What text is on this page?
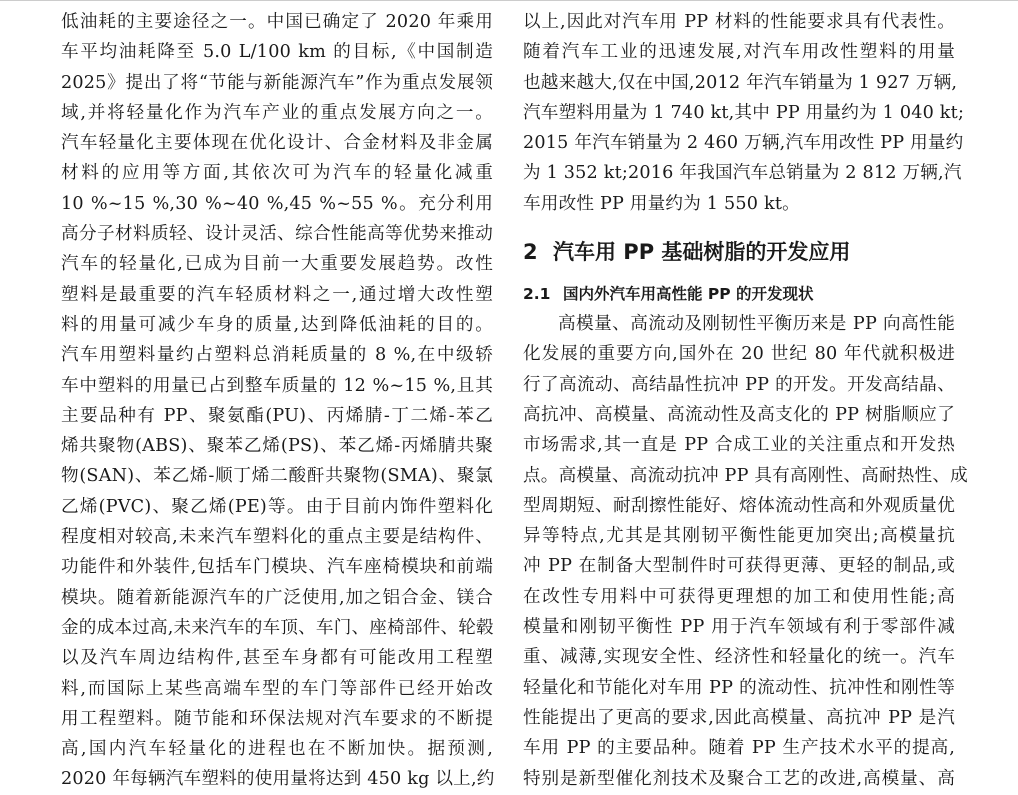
低油耗的主要途径之一。中国已确定了 2020 年乘用
车平均油耗降至 5.0 L/100 km 的目标,《中国制造
2025》提出了将“节能与新能源汽车”作为重点发展领
域,并将轻量化作为汽车产业的重点发展方向之一。
汽车轻量化主要体现在优化设计、合金材料及非金属
材料的应用等方面,其依次可为汽车的轻量化减重
10 %~15 %,30 %~40 %,45 %~55 %。充分利用
高分子材料质轻、设计灵活、综合性能高等优势来推动
汽车的轻量化,已成为目前一大重要发展趋势。改性
塑料是最重要的汽车轻质材料之一,通过增大改性塑
料的用量可减少车身的质量,达到降低油耗的目的。
汽车用塑料量约占塑料总消耗质量的 8 %,在中级轿
车中塑料的用量已占到整车质量的 12 %~15 %,且其
主要品种有 PP、聚氨酯(PU)、丙烯腈-丁二烯-苯乙
烯共聚物(ABS)、聚苯乙烯(PS)、苯乙烯-丙烯腈共聚
物(SAN)、苯乙烯-顺丁烯二酸酐共聚物(SMA)、聚氯
乙烯(PVC)、聚乙烯(PE)等。由于目前内饰件塑料化
程度相对较高,未来汽车塑料化的重点主要是结构件、
功能件和外装件,包括车门模块、汽车座椅模块和前端
模块。随着新能源汽车的广泛使用,加之铝合金、镁合
金的成本过高,未来汽车的车顶、车门、座椅部件、轮毂
以及汽车周边结构件,甚至车身都有可能改用工程塑
料,而国际上某些高端车型的车门等部件已经开始改
用工程塑料。随节能和环保法规对汽车要求的不断提
高,国内汽车轻量化的进程也在不断加快。据预测,
2020 年每辆汽车塑料的使用量将达到 450 kg 以上,约
以上,因此对汽车用 PP 材料的性能要求具有代表性。
随着汽车工业的迅速发展,对汽车用改性塑料的用量
也越来越大,仅在中国,2012 年汽车销量为 1 927 万辆,
汽车塑料用量为 1 740 kt,其中 PP 用量约为 1 040 kt;
2015 年汽车销量为 2 460 万辆,汽车用改性 PP 用量约
为 1 352 kt;2016 年我国汽车总销量为 2 812 万辆,汽
车用改性 PP 用量约为 1 550 kt。
2 汽车用 PP 基础树脂的开发应用
2.1 国内外汽车用高性能 PP 的开发现状
高模量、高流动及刚韧性平衡历来是 PP 向高性能
化发展的重要方向,国外在 20 世纪 80 年代就积极进
行了高流动、高结晶性抗冲 PP 的开发。开发高结晶、
高抗冲、高模量、高流动性及高支化的 PP 树脂顺应了
市场需求,其一直是 PP 合成工业的关注重点和开发热
点。高模量、高流动抗冲 PP 具有高刚性、高耐热性、成
型周期短、耐刮擦性能好、熔体流动性高和外观质量优
异等特点,尤其是其刚韧平衡性能更加突出;高模量抗
冲 PP 在制备大型制件时可获得更薄、更轻的制品,或
在改性专用料中可获得更理想的加工和使用性能;高
模量和刚韧平衡性 PP 用于汽车领域有利于零部件减
重、减薄,实现安全性、经济性和轻量化的统一。汽车
轻量化和节能化对车用 PP 的流动性、抗冲性和刚性等
性能提出了更高的要求,因此高模量、高抗冲 PP 是汽
车用 PP 的主要品种。随着 PP 生产技术水平的提高,
特别是新型催化剂技术及聚合工艺的改进,高模量、高
